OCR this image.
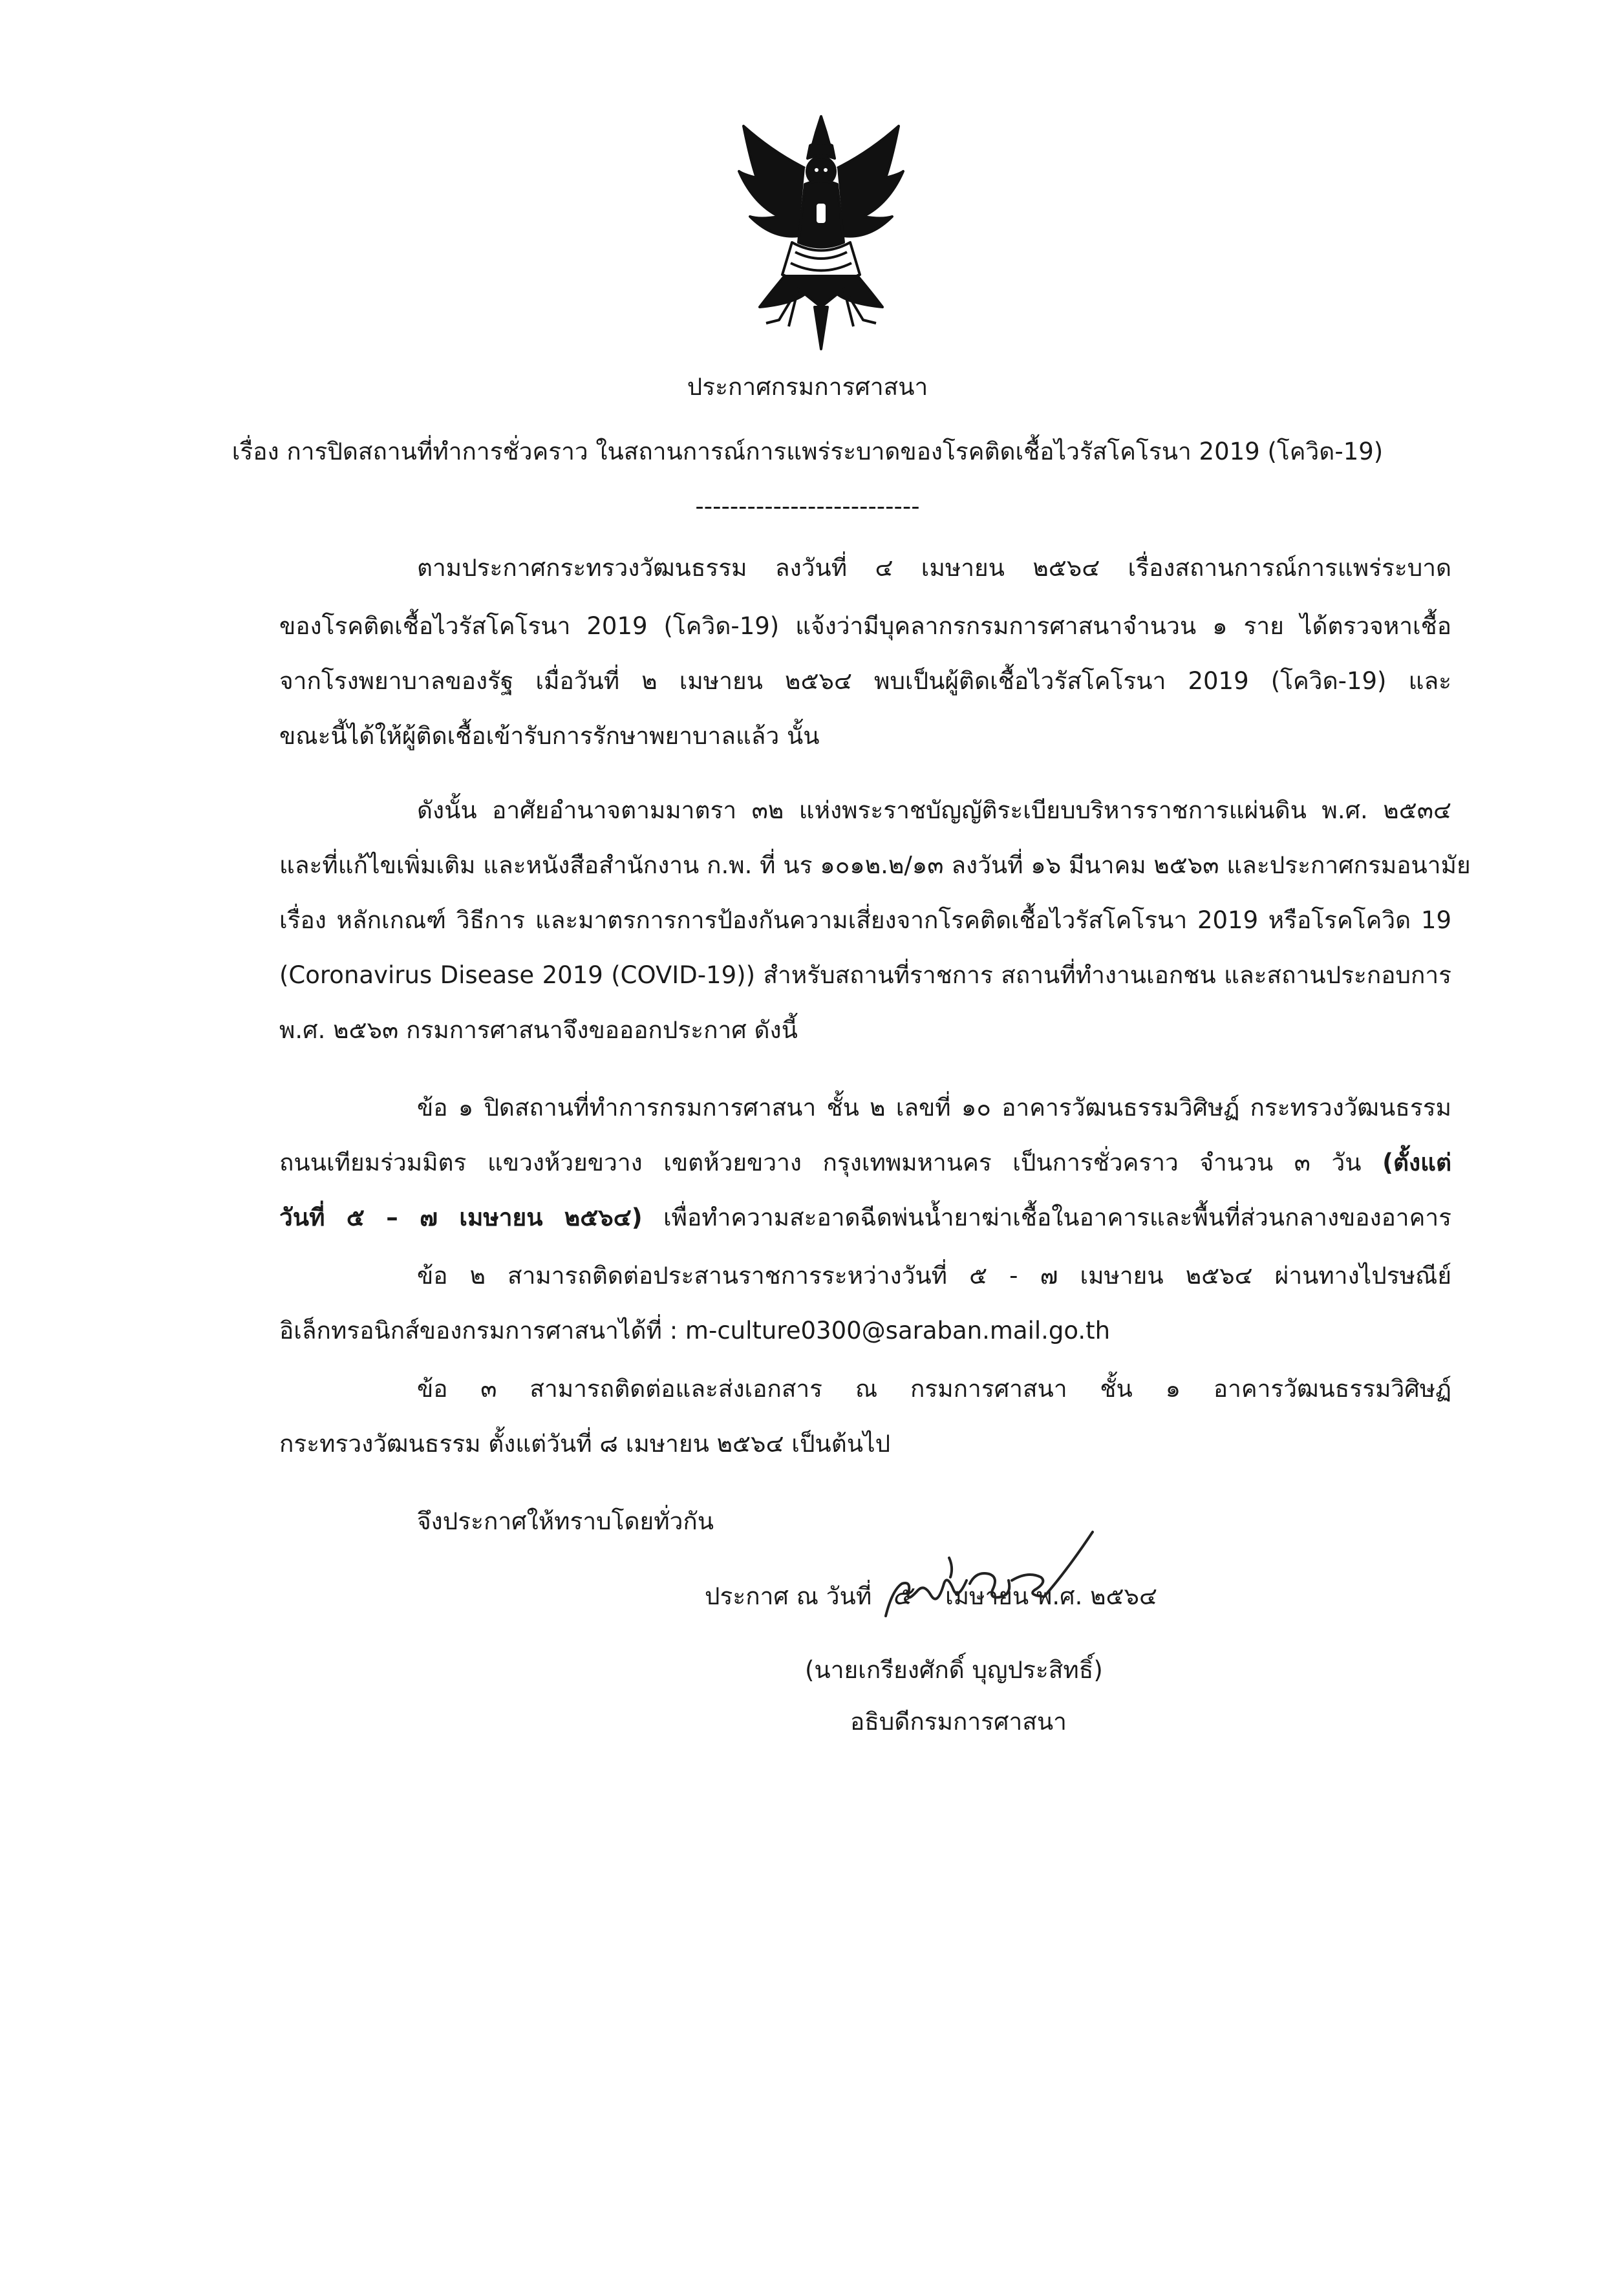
ประกาศกรมการศาสนา
เรื่อง การปิดสถานที่ทำการชั่วคราว ในสถานการณ์การแพร่ระบาดของโรคติดเชื้อไวรัสโคโรนา 2019 (โควิด-19)
--------------------------
ตามประกาศกระทรวงวัฒนธรรม ลงวันที่ ๔ เมษายน ๒๕๖๔ เรื่องสถานการณ์การแพร่ระบาด
ของโรคติดเชื้อไวรัสโคโรนา 2019 (โควิด-19) แจ้งว่ามีบุคลากรกรมการศาสนาจำนวน ๑ ราย ได้ตรวจหาเชื้อ
จากโรงพยาบาลของรัฐ เมื่อวันที่ ๒ เมษายน ๒๕๖๔ พบเป็นผู้ติดเชื้อไวรัสโคโรนา 2019 (โควิด-19) และ
ขณะนี้ได้ให้ผู้ติดเชื้อเข้ารับการรักษาพยาบาลแล้ว นั้น
ดังนั้น อาศัยอำนาจตามมาตรา ๓๒ แห่งพระราชบัญญัติระเบียบบริหารราชการแผ่นดิน พ.ศ. ๒๕๓๔
และที่แก้ไขเพิ่มเติม และหนังสือสำนักงาน ก.พ. ที่ นร ๑๐๑๒.๒/๑๓ ลงวันที่ ๑๖ มีนาคม ๒๕๖๓ และประกาศกรมอนามัย
เรื่อง หลักเกณฑ์ วิธีการ และมาตรการการป้องกันความเสี่ยงจากโรคติดเชื้อไวรัสโคโรนา 2019 หรือโรคโควิด 19
(Coronavirus Disease 2019 (COVID-19)) สำหรับสถานที่ราชการ สถานที่ทำงานเอกชน และสถานประกอบการ
พ.ศ. ๒๕๖๓ กรมการศาสนาจึงขอออกประกาศ ดังนี้
ข้อ ๑ ปิดสถานที่ทำการกรมการศาสนา ชั้น ๒ เลขที่ ๑๐ อาคารวัฒนธรรมวิศิษฏ์ กระทรวงวัฒนธรรม
ถนนเทียมร่วมมิตร แขวงห้วยขวาง เขตห้วยขวาง กรุงเทพมหานคร เป็นการชั่วคราว จำนวน ๓ วัน (ตั้งแต่
วันที่ ๕ – ๗ เมษายน ๒๕๖๔) เพื่อทำความสะอาดฉีดพ่นน้ำยาฆ่าเชื้อในอาคารและพื้นที่ส่วนกลางของอาคาร
ข้อ ๒ สามารถติดต่อประสานราชการระหว่างวันที่ ๕ - ๗ เมษายน ๒๕๖๔ ผ่านทางไปรษณีย์
อิเล็กทรอนิกส์ของกรมการศาสนาได้ที่ : m-culture0300@saraban.mail.go.th
ข้อ ๓ สามารถติดต่อและส่งเอกสาร ณ กรมการศาสนา ชั้น ๑ อาคารวัฒนธรรมวิศิษฏ์
กระทรวงวัฒนธรรม ตั้งแต่วันที่ ๘ เมษายน ๒๕๖๔ เป็นต้นไป
จึงประกาศให้ทราบโดยทั่วกัน
ประกาศ ณ วันที่ ๕ เมษายน พ.ศ. ๒๕๖๔
(นายเกรียงศักดิ์ บุญประสิทธิ์)
อธิบดีกรมการศาสนา
